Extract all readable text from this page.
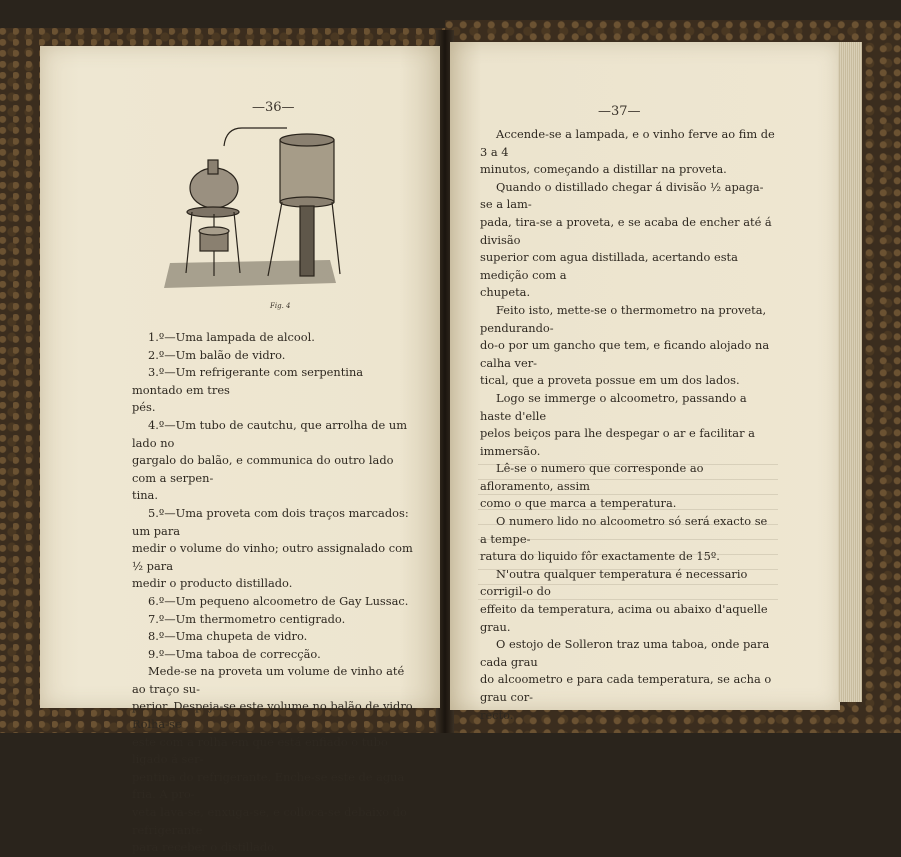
—36—
Fig. 4

1.º—Uma lampada de alcool.

2.º—Um balão de vidro.

3.º—Um refrigerante com serpentina montado em tres

pés.

4.º—Um tubo de cautchu, que arrolha de um lado no

gargalo do balão, e communica do outro lado com a serpen-

tina.

5.º—Uma proveta com dois traços marcados: um para

medir o volume do vinho; outro assignalado com ½ para

medir o producto distillado.

6.º—Um pequeno alcoometro de Gay Lussac.

7.º—Um thermometro centigrado.

8.º—Uma chupeta de vidro.

9.º—Uma taboa de correcção.

Mede-se na proveta um volume de vinho até ao traço su-

perior. Despeja-se este volume no balão de vidro. Rolha-se

este com a rolha em que está enfiado o tubo ligado á ser-

pentina do refrigerante. Enche-se este de agua fria. A pro-

veta lava-se, enxuga-se, e colloca-se debaixo do refrigerante

para receber o distillado.

—37—

Accende-se a lampada, e o vinho ferve ao fim de 3 a 4

minutos, começando a distillar na proveta.

Quando o distillado chegar á divisão ½ apaga-se a lam-

pada, tira-se a proveta, e se acaba de encher até á divisão

superior com agua distillada, acertando esta medição com a

chupeta.

Feito isto, mette-se o thermometro na proveta, pendurando-

do-o por um gancho que tem, e ficando alojado na calha ver-

tical, que a proveta possue em um dos lados.

Logo se immerge o alcoometro, passando a haste d'elle

pelos beiços para lhe despegar o ar e facilitar a immersão.

Lê-se o numero que corresponde ao afloramento, assim

como o que marca a temperatura.

O numero lido no alcoometro só será exacto se a tempe-

ratura do liquido fôr exactamente de 15º.

N'outra qualquer temperatura é necessario corrigil-o do

effeito da temperatura, acima ou abaixo d'aquelle grau.

O estojo de Solleron traz uma taboa, onde para cada grau

do alcoometro e para cada temperatura, se acha o grau cor-

recto.
